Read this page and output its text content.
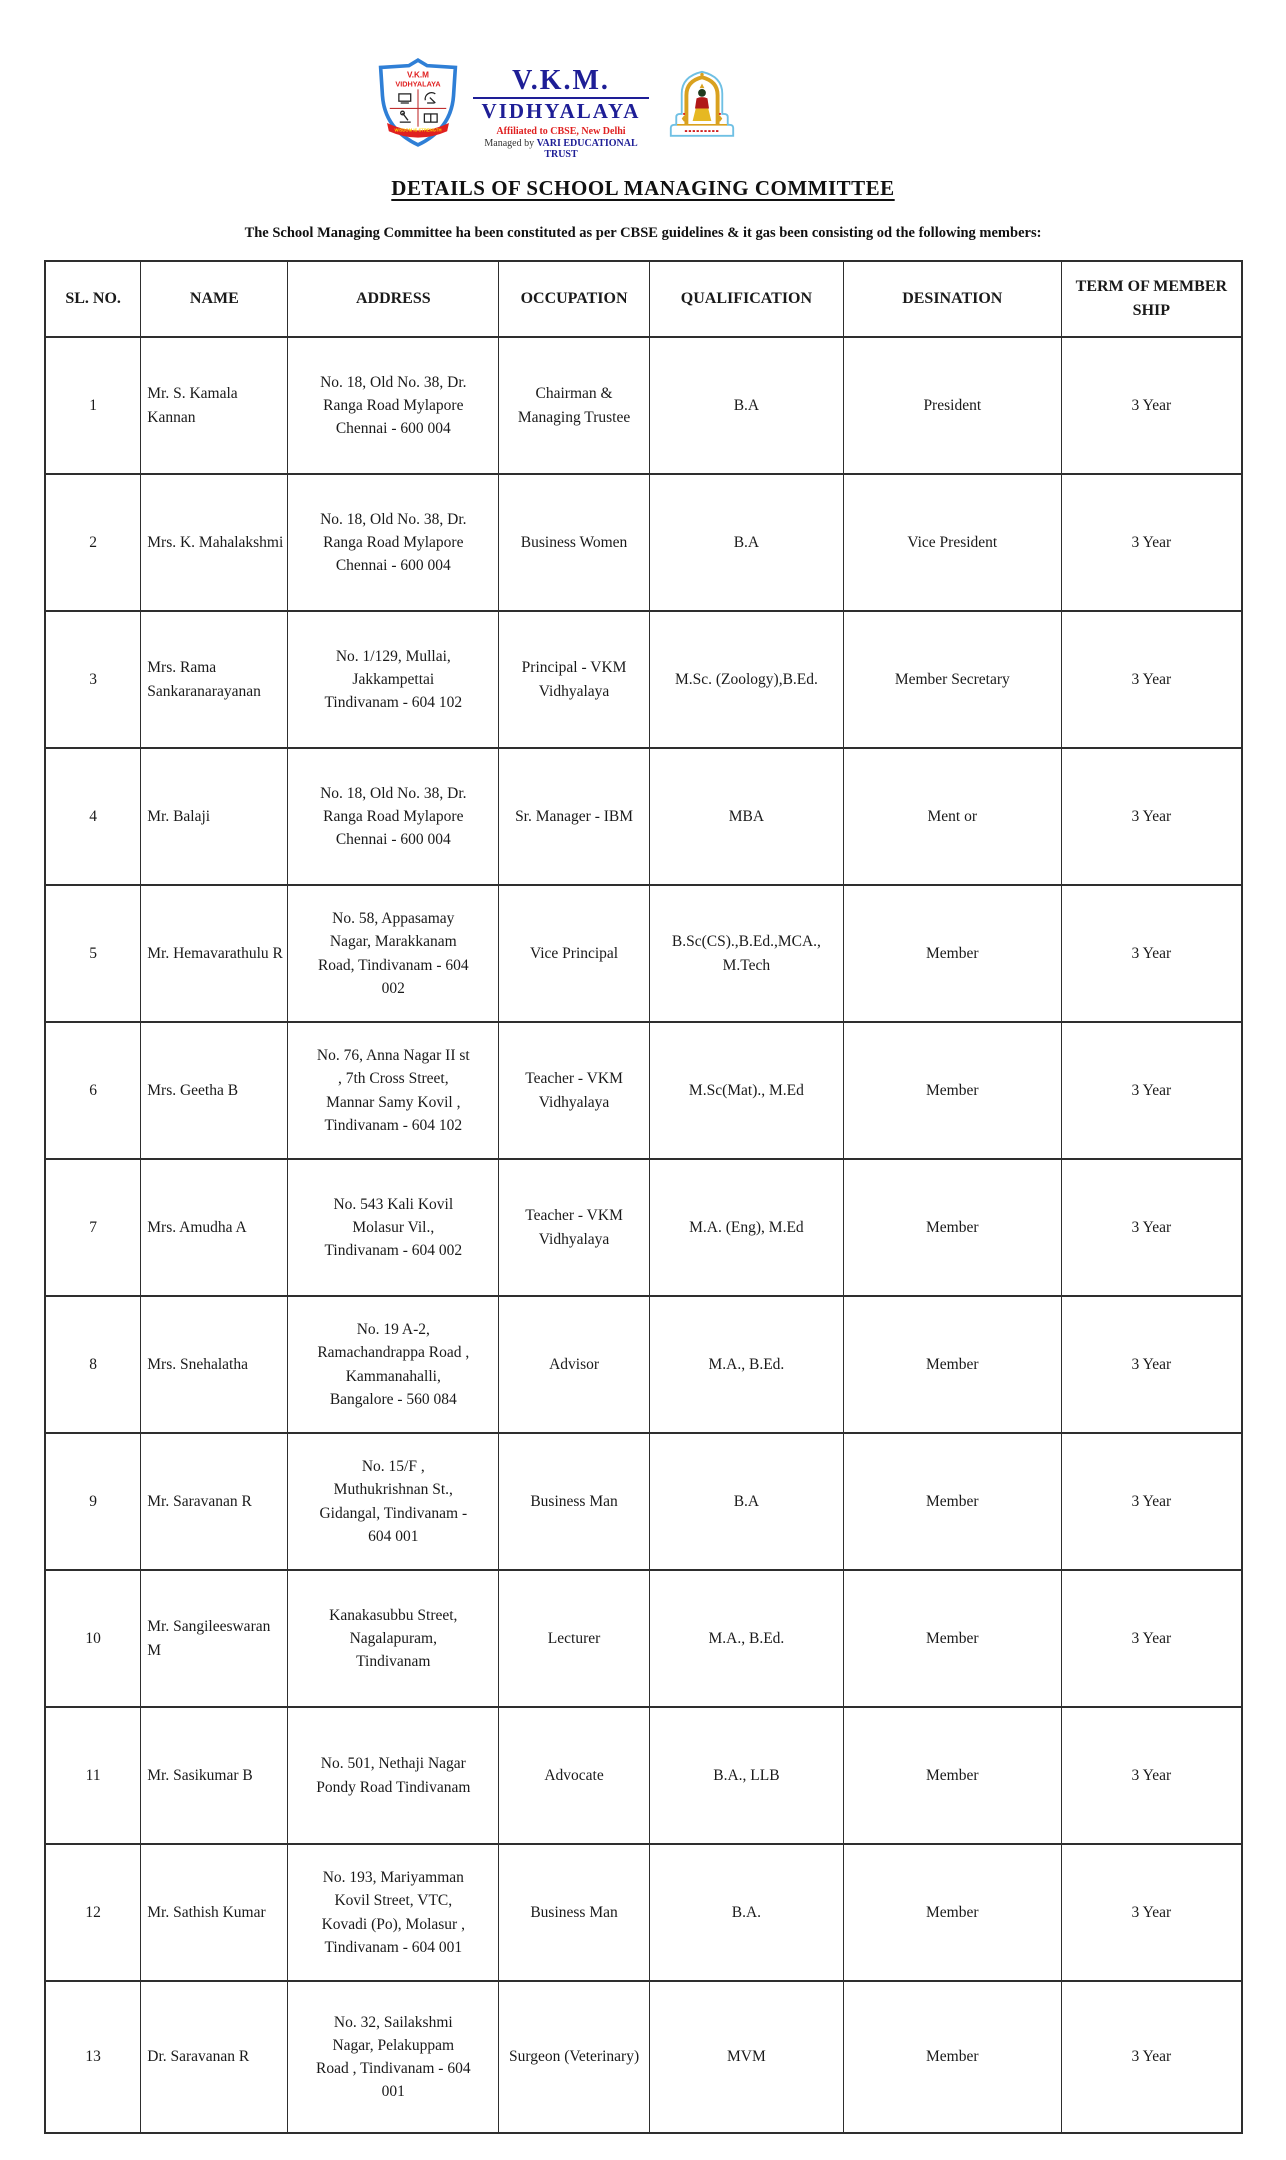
V.K.M
VIDHYALAYA
WISDOM IS STRENGTH
V.K.M.
VIDHYALAYA
Affiliated to CBSE, New Delhi
Managed by VARI EDUCATIONAL TRUST
DETAILS OF SCHOOL MANAGING COMMITTEE

The School Managing Committee ha been constituted as per CBSE guidelines & it gas been consisting od the following members:

SL. NO.	NAME	ADDRESS	OCCUPATION	QUALIFICATION	DESINATION	TERM OF MEMBER SHIP
1	Mr. S. Kamala Kannan	No. 18, Old No. 38, Dr. Ranga Road Mylapore Chennai - 600 004	Chairman & Managing Trustee	B.A	President	3 Year
2	Mrs. K. Mahalakshmi	No. 18, Old No. 38, Dr. Ranga Road Mylapore Chennai - 600 004	Business Women	B.A	Vice President	3 Year
3	Mrs. Rama Sankaranarayanan	No. 1/129, Mullai, Jakkampettai Tindivanam - 604 102	Principal - VKM Vidhyalaya	M.Sc. (Zoology),B.Ed.	Member Secretary	3 Year
4	Mr. Balaji	No. 18, Old No. 38, Dr. Ranga Road Mylapore Chennai - 600 004	Sr. Manager - IBM	MBA	Ment or	3 Year
5	Mr. Hemavarathulu R	No. 58, Appasamay Nagar, Marakkanam Road, Tindivanam - 604 002	Vice Principal	B.Sc(CS).,B.Ed.,MCA., M.Tech	Member	3 Year
6	Mrs. Geetha B	No. 76, Anna Nagar II st , 7th Cross Street, Mannar Samy Kovil , Tindivanam - 604 102	Teacher - VKM Vidhyalaya	M.Sc(Mat)., M.Ed	Member	3 Year
7	Mrs. Amudha A	No. 543 Kali Kovil Molasur Vil., Tindivanam - 604 002	Teacher - VKM Vidhyalaya	M.A. (Eng), M.Ed	Member	3 Year
8	Mrs. Snehalatha	No. 19 A-2, Ramachandrappa Road , Kammanahalli, Bangalore - 560 084	Advisor	M.A., B.Ed.	Member	3 Year
9	Mr. Saravanan R	No. 15/F , Muthukrishnan St., Gidangal, Tindivanam - 604 001	Business Man	B.A	Member	3 Year
10	Mr. Sangileeswaran M	Kanakasubbu Street, Nagalapuram, Tindivanam	Lecturer	M.A., B.Ed.	Member	3 Year
11	Mr. Sasikumar B	No. 501, Nethaji Nagar Pondy Road Tindivanam	Advocate	B.A., LLB	Member	3 Year
12	Mr. Sathish Kumar	No. 193, Mariyamman Kovil Street, VTC, Kovadi (Po), Molasur , Tindivanam - 604 001	Business Man	B.A.	Member	3 Year
13	Dr. Saravanan R	No. 32, Sailakshmi Nagar, Pelakuppam Road , Tindivanam - 604 001	Surgeon (Veterinary)	MVM	Member	3 Year
